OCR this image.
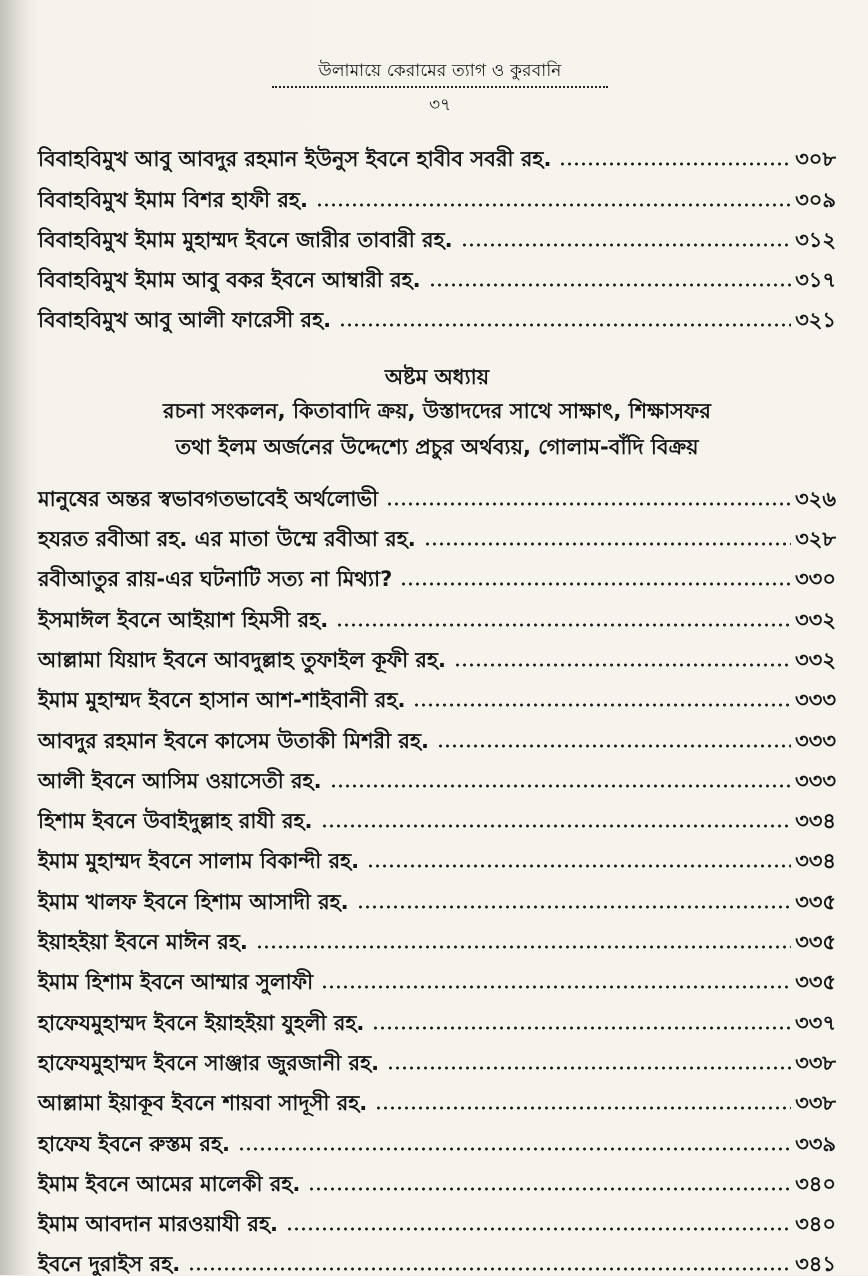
উলামায়ে কেরামের ত্যাগ ও কুরবানি
৩৭
বিবাহবিমুখ আবু আবদুর রহমান ইউনুস ইবনে হাবীব সবরী রহ.	৩০৮
বিবাহবিমুখ ইমাম বিশর হাফী রহ.	৩০৯
বিবাহবিমুখ ইমাম মুহাম্মদ ইবনে জারীর তাবারী রহ.	৩১২
বিবাহবিমুখ ইমাম আবু বকর ইবনে আম্বারী রহ.	৩১৭
বিবাহবিমুখ আবু আলী ফারেসী রহ.	৩২১
অষ্টম অধ্যায়
রচনা সংকলন, কিতাবাদি ক্রয়, উস্তাদদের সাথে সাক্ষাৎ, শিক্ষাসফর
তথা ইলম অর্জনের উদ্দেশ্যে প্রচুর অর্থব্যয়, গোলাম-বাঁদি বিক্রয়
মানুষের অন্তর স্বভাবগতভাবেই অর্থলোভী	৩২৬
হযরত রবীআ রহ. এর মাতা উম্মে রবীআ রহ.	৩২৮
রবীআতুর রায়-এর ঘটনাটি সত্য না মিথ্যা?	৩৩০
ইসমাঈল ইবনে আইয়াশ হিমসী রহ.	৩৩২
আল্লামা যিয়াদ ইবনে আবদুল্লাহ তুফাইল কূফী রহ.	৩৩২
ইমাম মুহাম্মদ ইবনে হাসান আশ-শাইবানী রহ.	৩৩৩
আবদুর রহমান ইবনে কাসেম উতাকী মিশরী রহ.	৩৩৩
আলী ইবনে আসিম ওয়াসেতী রহ.	৩৩৩
হিশাম ইবনে উবাইদুল্লাহ রাযী রহ.	৩৩৪
ইমাম মুহাম্মদ ইবনে সালাম বিকান্দী রহ.	৩৩৪
ইমাম খালফ ইবনে হিশাম আসাদী রহ.	৩৩৫
ইয়াহইয়া ইবনে মাঈন রহ.	৩৩৫
ইমাম হিশাম ইবনে আম্মার সুলাফী	৩৩৫
হাফেযমুহাম্মদ ইবনে ইয়াহইয়া যুহলী রহ.	৩৩৭
হাফেযমুহাম্মদ ইবনে সাঞ্জার জুরজানী রহ.	৩৩৮
আল্লামা ইয়াকূব ইবনে শায়বা সাদূসী রহ.	৩৩৮
হাফেয ইবনে রুস্তম রহ.	৩৩৯
ইমাম ইবনে আমের মালেকী রহ.	৩৪০
ইমাম আবদান মারওয়াযী রহ.	৩৪০
ইবনে দুরাইস রহ.	৩৪১
